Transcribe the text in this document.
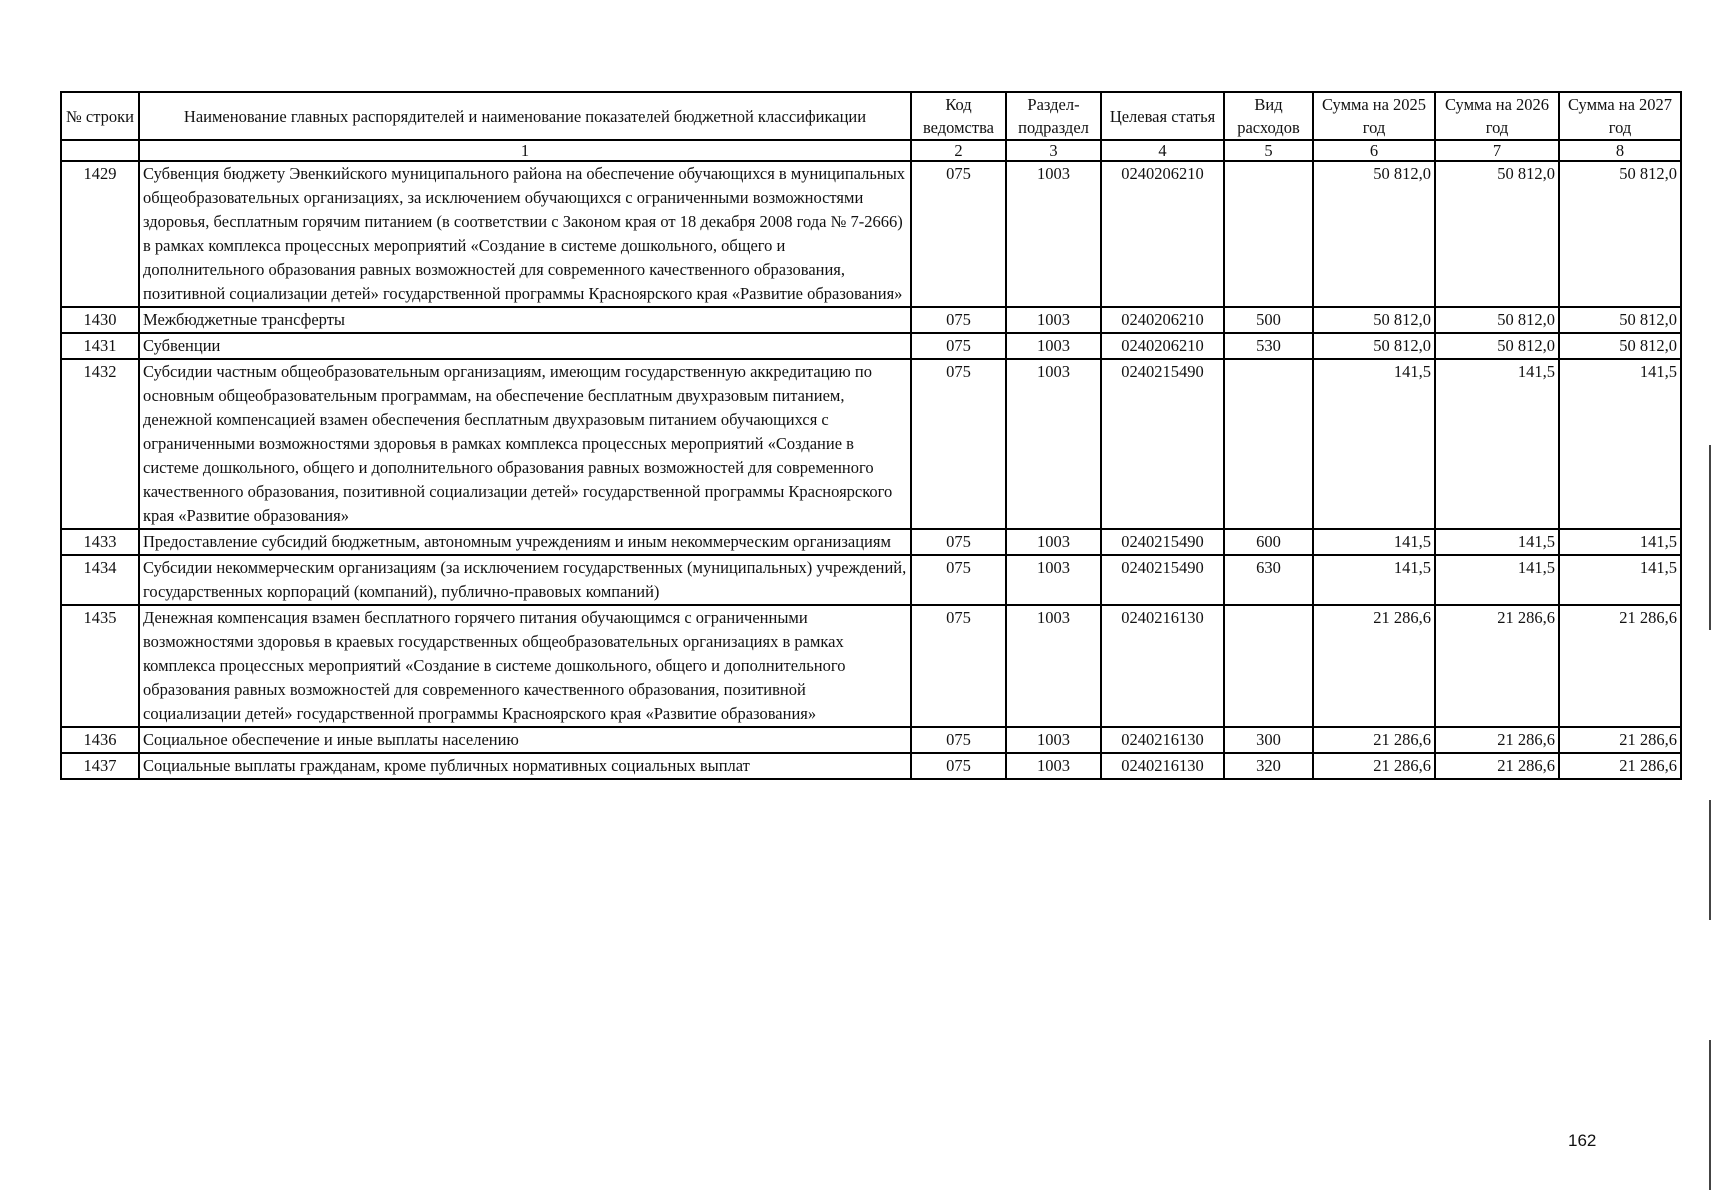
№ строки	Наименование главных распорядителей и наименование показателей бюджетной классификации	Код ведомства	Раздел- подраздел	Целевая статья	Вид расходов	Сумма на 2025 год	Сумма на 2026 год	Сумма на 2027 год
	1	2	3	4	5	6	7	8
1429	Субвенция бюджету Эвенкийского муниципального района на обеспечение обучающихся в муниципальных общеобразовательных организациях, за исключением обучающихся с ограниченными возможностями здоровья, бесплатным горячим питанием (в соответствии с Законом края от 18 декабря 2008 года № 7-2666) в рамках комплекса процессных мероприятий «Создание в системе дошкольного, общего и дополнительного образования равных возможностей для современного качественного образования, позитивной социализации детей» государственной программы Красноярского края «Развитие образования»	075	1003	0240206210		50 812,0	50 812,0	50 812,0
1430	Межбюджетные трансферты	075	1003	0240206210	500	50 812,0	50 812,0	50 812,0
1431	Субвенции	075	1003	0240206210	530	50 812,0	50 812,0	50 812,0
1432	Субсидии частным общеобразовательным организациям, имеющим государственную аккредитацию по основным общеобразовательным программам, на обеспечение бесплатным двухразовым питанием, денежной компенсацией взамен обеспечения бесплатным двухразовым питанием обучающихся с ограниченными возможностями здоровья в рамках комплекса процессных мероприятий «Создание в системе дошкольного, общего и дополнительного образования равных возможностей для современного качественного образования, позитивной социализации детей» государственной программы Красноярского края «Развитие образования»	075	1003	0240215490		141,5	141,5	141,5
1433	Предоставление субсидий бюджетным, автономным учреждениям и иным некоммерческим организациям	075	1003	0240215490	600	141,5	141,5	141,5
1434	Субсидии некоммерческим организациям (за исключением государственных (муниципальных) учреждений, государственных корпораций (компаний), публично-правовых компаний)	075	1003	0240215490	630	141,5	141,5	141,5
1435	Денежная компенсация взамен бесплатного горячего питания обучающимся с ограниченными возможностями здоровья в краевых государственных общеобразовательных организациях в рамках комплекса процессных мероприятий «Создание в системе дошкольного, общего и дополнительного образования равных возможностей для современного качественного образования, позитивной социализации детей» государственной программы Красноярского края «Развитие образования»	075	1003	0240216130		21 286,6	21 286,6	21 286,6
1436	Социальное обеспечение и иные выплаты населению	075	1003	0240216130	300	21 286,6	21 286,6	21 286,6
1437	Социальные выплаты гражданам, кроме публичных нормативных социальных выплат	075	1003	0240216130	320	21 286,6	21 286,6	21 286,6
162
